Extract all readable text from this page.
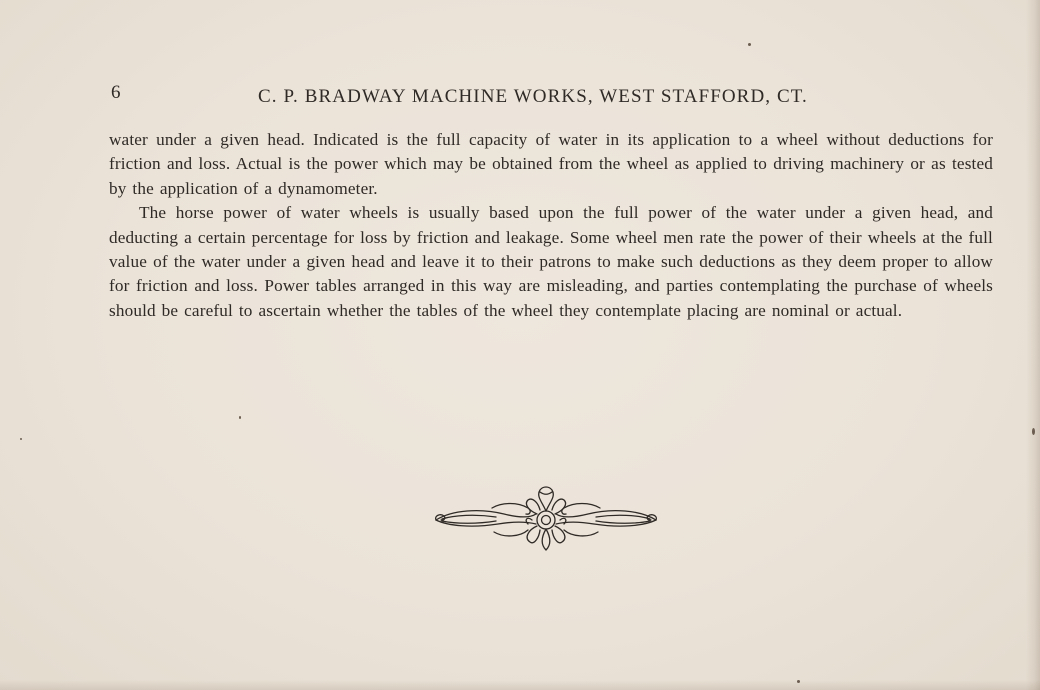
6	C. P. BRADWAY MACHINE WORKS, WEST STAFFORD, CT.

water under a given head. Indicated is the full capacity of water in its application to a wheel without deductions for friction and loss. Actual is the power which may be obtained from the wheel as applied to driving machinery or as tested by the application of a dynamometer.

The horse power of water wheels is usually based upon the full power of the water under a given head, and deducting a certain percentage for loss by friction and leakage. Some wheel men rate the power of their wheels at the full value of the water under a given head and leave it to their patrons to make such deductions as they deem proper to allow for friction and loss. Power tables arranged in this way are misleading, and parties contemplating the purchase of wheels should be careful to ascertain whether the tables of the wheel they contemplate placing are nominal or actual.
